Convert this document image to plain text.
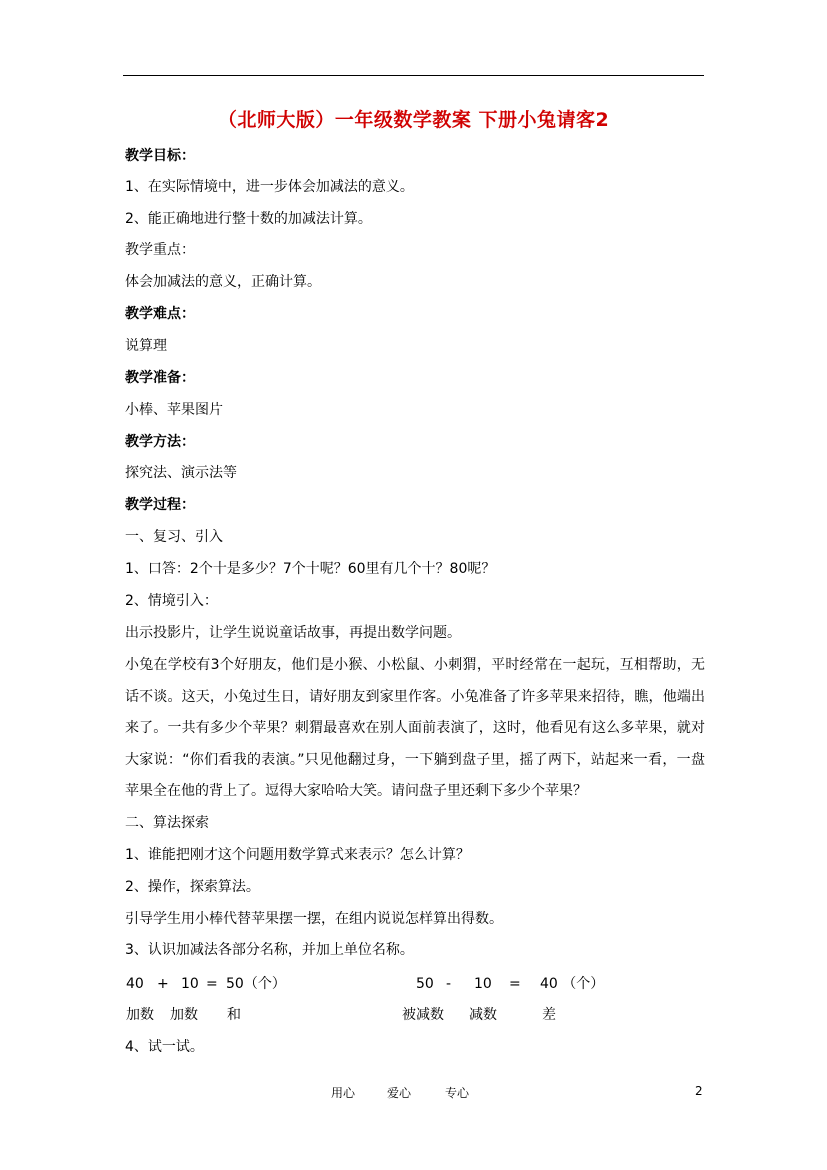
（北师大版）一年级数学教案 下册小兔请客2
教学目标：
1、在实际情境中，进一步体会加减法的意义。
2、能正确地进行整十数的加减法计算。
教学重点：
体会加减法的意义，正确计算。
教学难点：
说算理
教学准备：
小棒、苹果图片
教学方法：
探究法、演示法等
教学过程：
一、复习、引入
1、口答：2个十是多少？7个十呢？60里有几个十？80呢？
2、情境引入：
出示投影片，让学生说说童话故事，再提出数学问题。
小兔在学校有3个好朋友，他们是小猴、小松鼠、小刺猬，平时经常在一起玩，互相帮助，无话不谈。这天，小兔过生日，请好朋友到家里作客。小兔准备了许多苹果来招待，瞧，他端出来了。一共有多少个苹果？刺猬最喜欢在别人面前表演了，这时，他看见有这么多苹果，就对大家说：“你们看我的表演。”只见他翻过身，一下躺到盘子里，摇了两下，站起来一看，一盘苹果全在他的背上了。逗得大家哈哈大笑。请问盘子里还剩下多少个苹果？
二、算法探索
1、谁能把刚才这个问题用数学算式来表示？怎么计算？
2、操作，探索算法。
引导学生用小棒代替苹果摆一摆，在组内说说怎样算出得数。
3、认识加减法各部分名称，并加上单位名称。
40 + 10 = 50（个）	50 - 10 = 40 （个）
加数 加数 和	被减数 减数	差
4、试一试。
用心	爱心	专心	2
